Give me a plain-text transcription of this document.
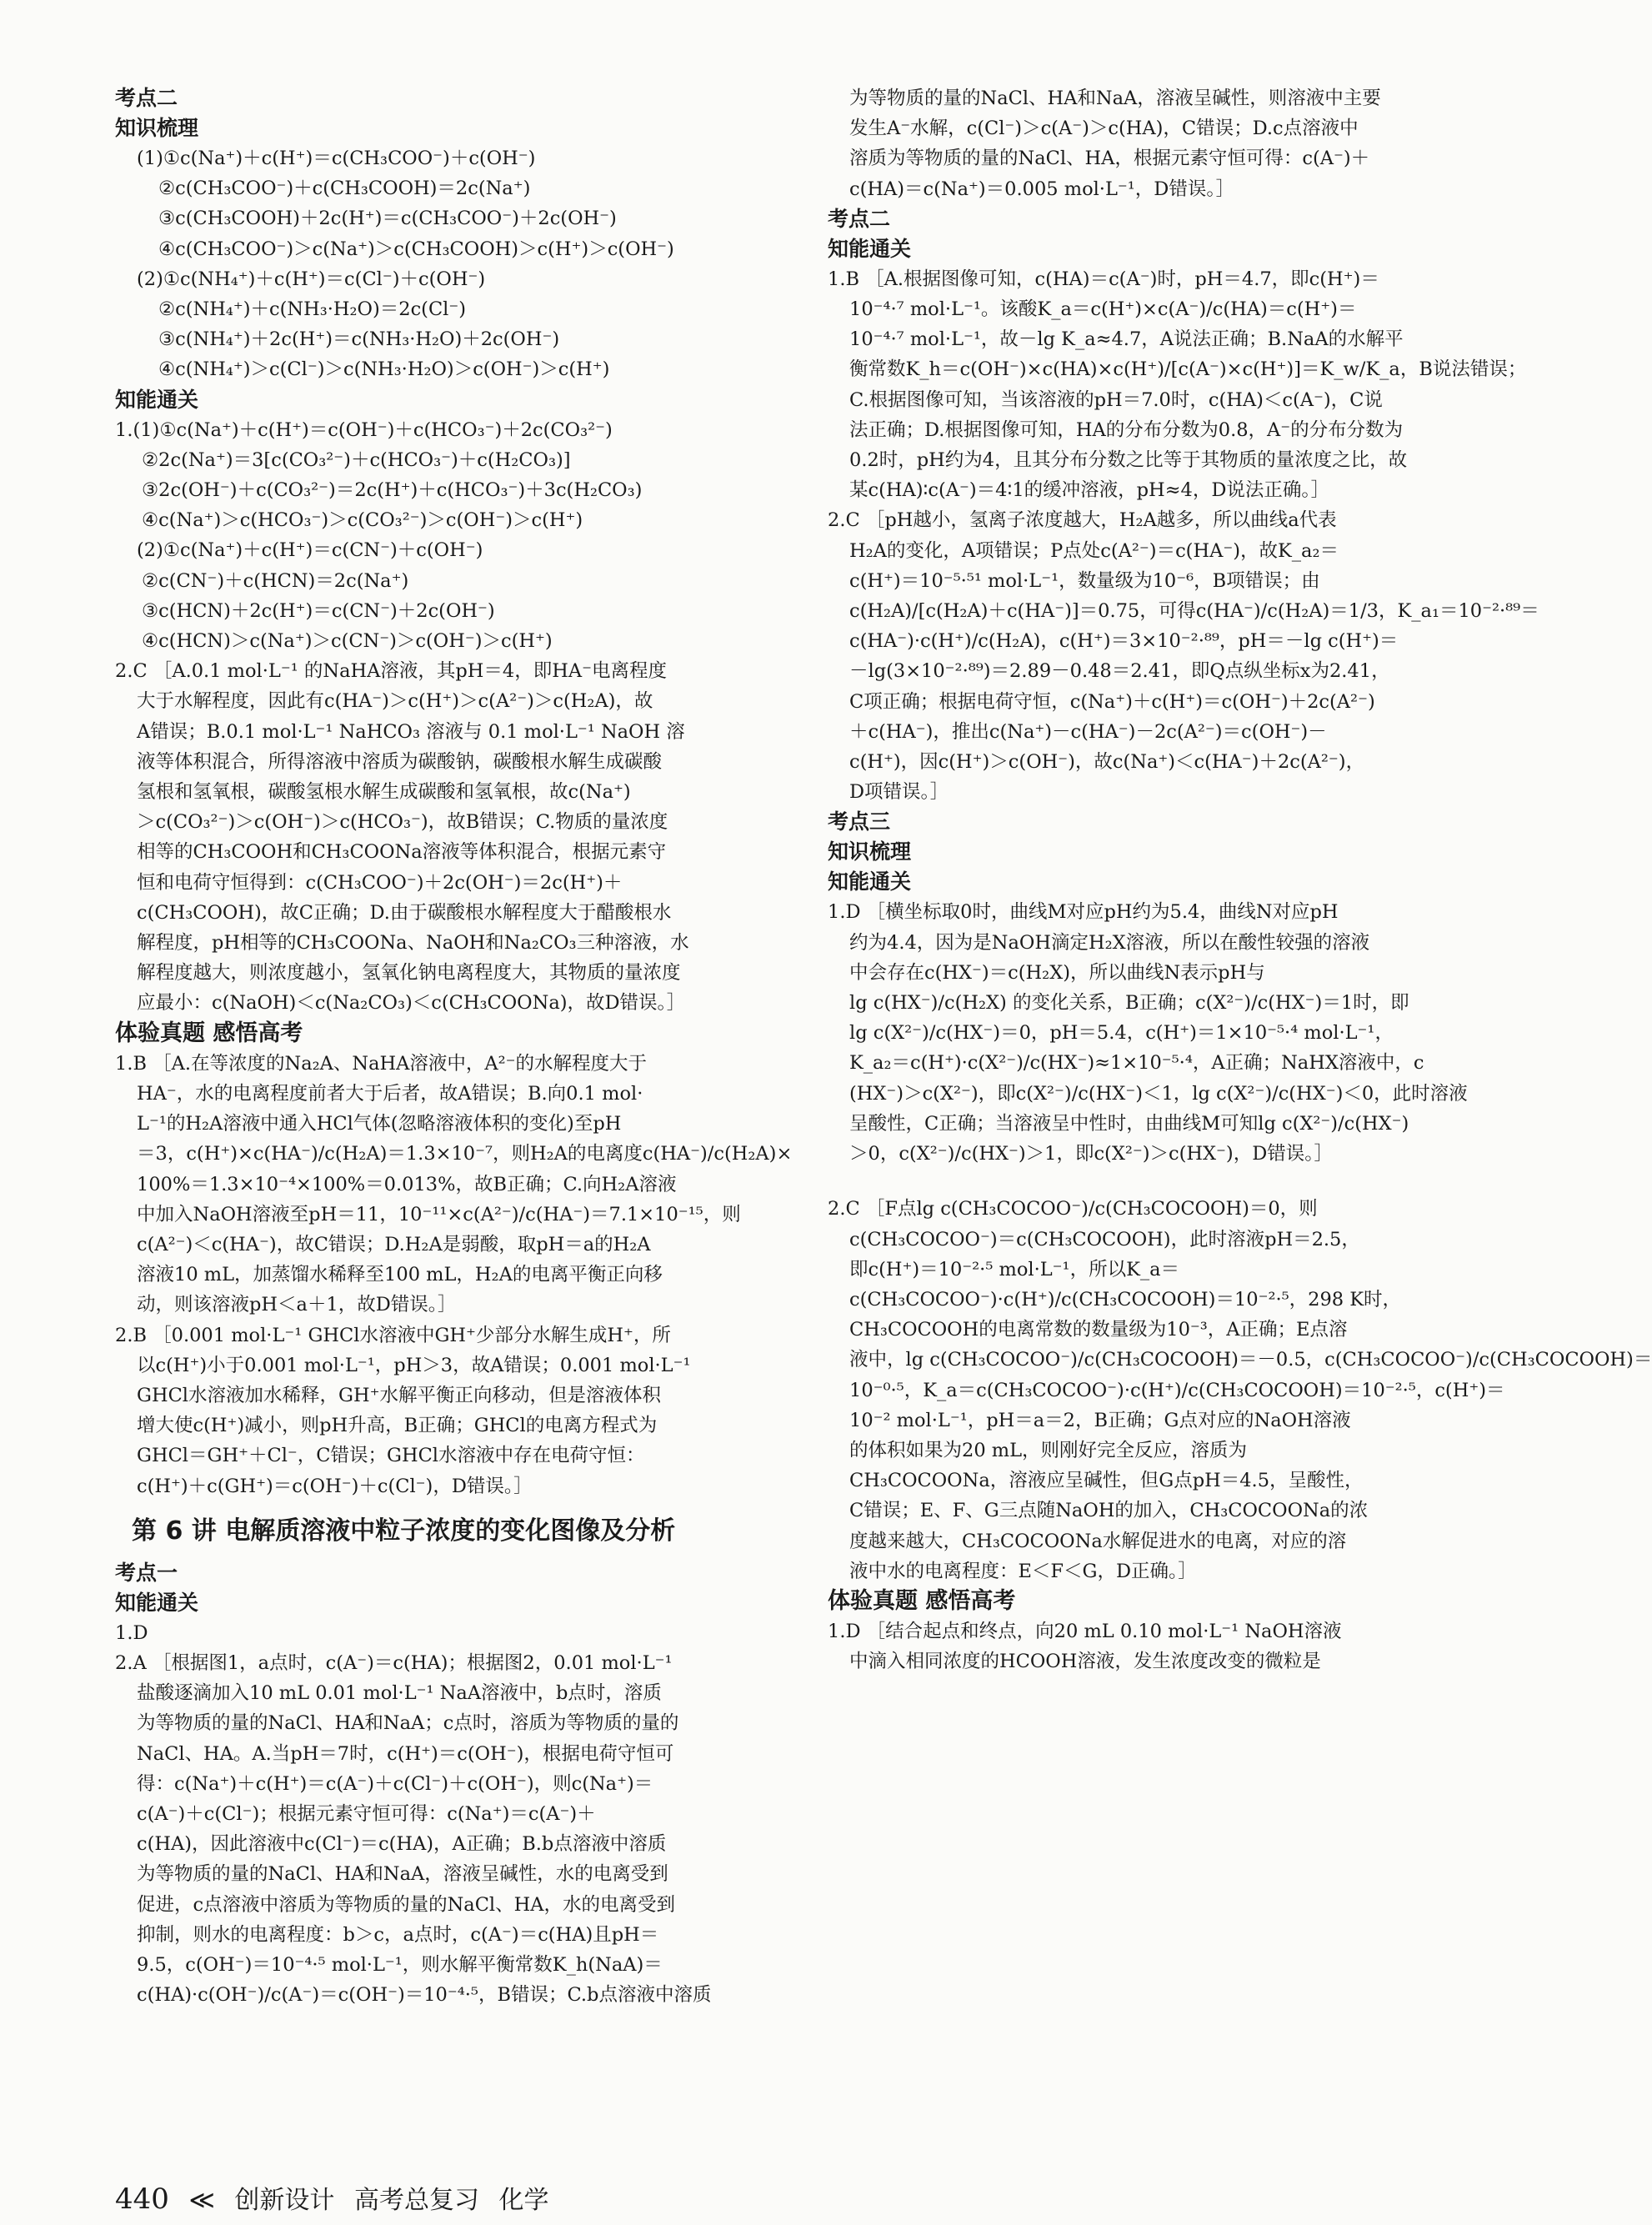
考点二
知识梳理
(1)①c(Na⁺)＋c(H⁺)＝c(CH₃COO⁻)＋c(OH⁻)
②c(CH₃COO⁻)＋c(CH₃COOH)＝2c(Na⁺)
③c(CH₃COOH)＋2c(H⁺)＝c(CH₃COO⁻)＋2c(OH⁻)
④c(CH₃COO⁻)＞c(Na⁺)＞c(CH₃COOH)＞c(H⁺)＞c(OH⁻)
(2)①c(NH₄⁺)＋c(H⁺)＝c(Cl⁻)＋c(OH⁻)
②c(NH₄⁺)＋c(NH₃·H₂O)＝2c(Cl⁻)
③c(NH₄⁺)＋2c(H⁺)＝c(NH₃·H₂O)＋2c(OH⁻)
④c(NH₄⁺)＞c(Cl⁻)＞c(NH₃·H₂O)＞c(OH⁻)＞c(H⁺)
知能通关
1.(1)①c(Na⁺)＋c(H⁺)＝c(OH⁻)＋c(HCO₃⁻)＋2c(CO₃²⁻)
②2c(Na⁺)＝3[c(CO₃²⁻)＋c(HCO₃⁻)＋c(H₂CO₃)]
③2c(OH⁻)＋c(CO₃²⁻)＝2c(H⁺)＋c(HCO₃⁻)＋3c(H₂CO₃)
④c(Na⁺)＞c(HCO₃⁻)＞c(CO₃²⁻)＞c(OH⁻)＞c(H⁺)
(2)①c(Na⁺)＋c(H⁺)＝c(CN⁻)＋c(OH⁻)
②c(CN⁻)＋c(HCN)＝2c(Na⁺)
③c(HCN)＋2c(H⁺)＝c(CN⁻)＋2c(OH⁻)
④c(HCN)＞c(Na⁺)＞c(CN⁻)＞c(OH⁻)＞c(H⁺)
2.C ［A.0.1 mol·L⁻¹ 的NaHA溶液，其pH＝4，即HA⁻电离程度
大于水解程度，因此有c(HA⁻)＞c(H⁺)＞c(A²⁻)＞c(H₂A)，故
A错误；B.0.1 mol·L⁻¹ NaHCO₃ 溶液与 0.1 mol·L⁻¹ NaOH 溶
液等体积混合，所得溶液中溶质为碳酸钠，碳酸根水解生成碳酸
氢根和氢氧根，碳酸氢根水解生成碳酸和氢氧根，故c(Na⁺)
＞c(CO₃²⁻)＞c(OH⁻)＞c(HCO₃⁻)，故B错误；C.物质的量浓度
相等的CH₃COOH和CH₃COONa溶液等体积混合，根据元素守
恒和电荷守恒得到：c(CH₃COO⁻)＋2c(OH⁻)＝2c(H⁺)＋
c(CH₃COOH)，故C正确；D.由于碳酸根水解程度大于醋酸根水
解程度，pH相等的CH₃COONa、NaOH和Na₂CO₃三种溶液，水
解程度越大，则浓度越小，氢氧化钠电离程度大，其物质的量浓度
应最小：c(NaOH)＜c(Na₂CO₃)＜c(CH₃COONa)，故D错误。］
体验真题 感悟高考
1.B ［A.在等浓度的Na₂A、NaHA溶液中，A²⁻的水解程度大于
HA⁻，水的电离程度前者大于后者，故A错误；B.向0.1 mol·
L⁻¹的H₂A溶液中通入HCl气体(忽略溶液体积的变化)至pH
＝3，c(H⁺)×c(HA⁻)/c(H₂A)＝1.3×10⁻⁷，则H₂A的电离度c(HA⁻)/c(H₂A)×
100%＝1.3×10⁻⁴×100%＝0.013%，故B正确；C.向H₂A溶液
中加入NaOH溶液至pH＝11，10⁻¹¹×c(A²⁻)/c(HA⁻)＝7.1×10⁻¹⁵，则
c(A²⁻)＜c(HA⁻)，故C错误；D.H₂A是弱酸，取pH＝a的H₂A
溶液10 mL，加蒸馏水稀释至100 mL，H₂A的电离平衡正向移
动，则该溶液pH＜a＋1，故D错误。］
2.B ［0.001 mol·L⁻¹ GHCl水溶液中GH⁺少部分水解生成H⁺，所
以c(H⁺)小于0.001 mol·L⁻¹，pH＞3，故A错误；0.001 mol·L⁻¹
GHCl水溶液加水稀释，GH⁺水解平衡正向移动，但是溶液体积
增大使c(H⁺)减小，则pH升高，B正确；GHCl的电离方程式为
GHCl＝GH⁺＋Cl⁻，C错误；GHCl水溶液中存在电荷守恒：
c(H⁺)＋c(GH⁺)＝c(OH⁻)＋c(Cl⁻)，D错误。］
第 6 讲 电解质溶液中粒子浓度的变化图像及分析
考点一
知能通关
1.D
2.A ［根据图1，a点时，c(A⁻)＝c(HA)；根据图2，0.01 mol·L⁻¹
盐酸逐滴加入10 mL 0.01 mol·L⁻¹ NaA溶液中，b点时，溶质
为等物质的量的NaCl、HA和NaA；c点时，溶质为等物质的量的
NaCl、HA。A.当pH＝7时，c(H⁺)＝c(OH⁻)，根据电荷守恒可
得：c(Na⁺)＋c(H⁺)＝c(A⁻)＋c(Cl⁻)＋c(OH⁻)，则c(Na⁺)＝
c(A⁻)＋c(Cl⁻)；根据元素守恒可得：c(Na⁺)＝c(A⁻)＋
c(HA)，因此溶液中c(Cl⁻)＝c(HA)，A正确；B.b点溶液中溶质
为等物质的量的NaCl、HA和NaA，溶液呈碱性，水的电离受到
促进，c点溶液中溶质为等物质的量的NaCl、HA，水的电离受到
抑制，则水的电离程度：b＞c，a点时，c(A⁻)＝c(HA)且pH＝
9.5，c(OH⁻)＝10⁻⁴·⁵ mol·L⁻¹，则水解平衡常数K_h(NaA)＝
c(HA)·c(OH⁻)/c(A⁻)＝c(OH⁻)＝10⁻⁴·⁵，B错误；C.b点溶液中溶质
为等物质的量的NaCl、HA和NaA，溶液呈碱性，则溶液中主要
发生A⁻水解，c(Cl⁻)＞c(A⁻)＞c(HA)，C错误；D.c点溶液中
溶质为等物质的量的NaCl、HA，根据元素守恒可得：c(A⁻)＋
c(HA)＝c(Na⁺)＝0.005 mol·L⁻¹，D错误。］
考点二
知能通关
1.B ［A.根据图像可知，c(HA)＝c(A⁻)时，pH＝4.7，即c(H⁺)＝
10⁻⁴·⁷ mol·L⁻¹。该酸K_a＝c(H⁺)×c(A⁻)/c(HA)＝c(H⁺)＝
10⁻⁴·⁷ mol·L⁻¹，故－lg K_a≈4.7，A说法正确；B.NaA的水解平
衡常数K_h＝c(OH⁻)×c(HA)×c(H⁺)/[c(A⁻)×c(H⁺)]＝K_w/K_a，B说法错误；
C.根据图像可知，当该溶液的pH＝7.0时，c(HA)＜c(A⁻)，C说
法正确；D.根据图像可知，HA的分布分数为0.8，A⁻的分布分数为
0.2时，pH约为4，且其分布分数之比等于其物质的量浓度之比，故
某c(HA)∶c(A⁻)＝4∶1的缓冲溶液，pH≈4，D说法正确。］
2.C ［pH越小，氢离子浓度越大，H₂A越多，所以曲线a代表
H₂A的变化，A项错误；P点处c(A²⁻)＝c(HA⁻)，故K_a₂＝
c(H⁺)＝10⁻⁵·⁵¹ mol·L⁻¹，数量级为10⁻⁶，B项错误；由
c(H₂A)/[c(H₂A)＋c(HA⁻)]＝0.75，可得c(HA⁻)/c(H₂A)＝1/3，K_a₁＝10⁻²·⁸⁹＝
c(HA⁻)·c(H⁺)/c(H₂A)，c(H⁺)＝3×10⁻²·⁸⁹，pH＝－lg c(H⁺)＝
－lg(3×10⁻²·⁸⁹)＝2.89－0.48＝2.41，即Q点纵坐标x为2.41，
C项正确；根据电荷守恒，c(Na⁺)＋c(H⁺)＝c(OH⁻)＋2c(A²⁻)
＋c(HA⁻)，推出c(Na⁺)－c(HA⁻)－2c(A²⁻)＝c(OH⁻)－
c(H⁺)，因c(H⁺)＞c(OH⁻)，故c(Na⁺)＜c(HA⁻)＋2c(A²⁻)，
D项错误。］
考点三
知识梳理
知能通关
1.D ［横坐标取0时，曲线M对应pH约为5.4，曲线N对应pH
约为4.4，因为是NaOH滴定H₂X溶液，所以在酸性较强的溶液
中会存在c(HX⁻)＝c(H₂X)，所以曲线N表示pH与
lg c(HX⁻)/c(H₂X) 的变化关系，B正确；c(X²⁻)/c(HX⁻)＝1时，即
lg c(X²⁻)/c(HX⁻)＝0，pH＝5.4，c(H⁺)＝1×10⁻⁵·⁴ mol·L⁻¹，
K_a₂＝c(H⁺)·c(X²⁻)/c(HX⁻)≈1×10⁻⁵·⁴，A正确；NaHX溶液中，c
(HX⁻)＞c(X²⁻)，即c(X²⁻)/c(HX⁻)＜1，lg c(X²⁻)/c(HX⁻)＜0，此时溶液
呈酸性，C正确；当溶液呈中性时，由曲线M可知lg c(X²⁻)/c(HX⁻)
＞0，c(X²⁻)/c(HX⁻)＞1，即c(X²⁻)＞c(HX⁻)，D错误。］
2.C ［F点lg c(CH₃COCOO⁻)/c(CH₃COCOOH)＝0，则
c(CH₃COCOO⁻)＝c(CH₃COCOOH)，此时溶液pH＝2.5，
即c(H⁺)＝10⁻²·⁵ mol·L⁻¹，所以K_a＝
c(CH₃COCOO⁻)·c(H⁺)/c(CH₃COCOOH)＝10⁻²·⁵，298 K时，
CH₃COCOOH的电离常数的数量级为10⁻³，A正确；E点溶
液中，lg c(CH₃COCOO⁻)/c(CH₃COCOOH)＝－0.5，c(CH₃COCOO⁻)/c(CH₃COCOOH)＝
10⁻⁰·⁵，K_a＝c(CH₃COCOO⁻)·c(H⁺)/c(CH₃COCOOH)＝10⁻²·⁵，c(H⁺)＝
10⁻² mol·L⁻¹，pH＝a＝2，B正确；G点对应的NaOH溶液
的体积如果为20 mL，则刚好完全反应，溶质为
CH₃COCOONa，溶液应呈碱性，但G点pH＝4.5，呈酸性，
C错误；E、F、G三点随NaOH的加入，CH₃COCOONa的浓
度越来越大，CH₃COCOONa水解促进水的电离，对应的溶
液中水的电离程度：E＜F＜G，D正确。］
体验真题 感悟高考
1.D ［结合起点和终点，向20 mL 0.10 mol·L⁻¹ NaOH溶液
中滴入相同浓度的HCOOH溶液，发生浓度改变的微粒是
440 ≪ 创新设计 高考总复习 化学
